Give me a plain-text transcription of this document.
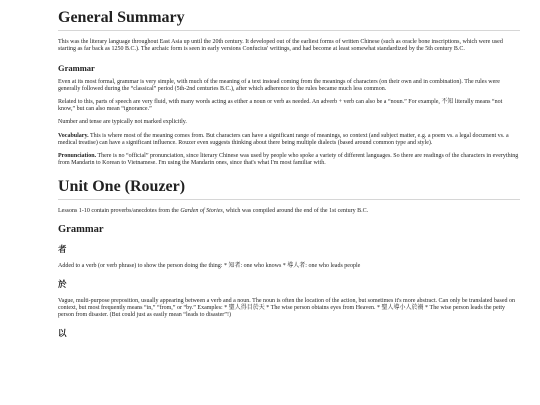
General Summary

This was the literary language throughout East Asia up until the 20th century. It developed out of the earliest forms of written Chinese (such as oracle bone inscriptions, which were used starting as far back as 1250 B.C.). The archaic form is seen in early versions Confucius' writings, and had become at least somewhat standardized by the 5th century B.C.

Grammar

Even at its most formal, grammar is very simple, with much of the meaning of a text instead coming from the meanings of characters (on their own and in combination). The rules were generally followed during the “classical” period (5th-2nd centuries B.C.), after which adherence to the rules became much less common.

Related to this, parts of speech are very fluid, with many words acting as either a noun or verb as needed. An adverb + verb can also be a “noun.” For example, 不知 literally means “not know,” but can also mean “ignorance.”

Number and tense are typically not marked explicitly.

Vocabulary. This is where most of the meaning comes from. But characters can have a significant range of meanings, so context (and subject matter, e.g. a poem vs. a legal document vs. a medical treatise) can have a significant influence. Rouzer even suggests thinking about there being multiple dialects (based around common type and style).

Pronunciation. There is no “official” pronunciation, since literary Chinese was used by people who spoke a variety of different languages. So there are readings of the characters in everything from Mandarin to Korean to Vietnamese. I'm using the Mandarin ones, since that's what I'm most familiar with.

Unit One (Rouzer)

Lessons 1-10 contain proverbs/anecdotes from the Garden of Stories, which was compiled around the end of the 1st century B.C.

Grammar
者

Added to a verb (or verb phrase) to show the person doing the thing: * 知者: one who knows * 導人者: one who leads people

於

Vague, multi-purpose preposition, usually appearing between a verb and a noun. The noun is often the location of the action, but sometimes it's more abstract. Can only be translated based on context, but most frequently means “in,” “from,” or “by.” Examples: * 聖人得目於天 * The wise person obtains eyes from Heaven. * 聖人導小人於禍 * The wise person leads the petty person from disaster. (But could just as easily mean “leads to disaster”!)

以
